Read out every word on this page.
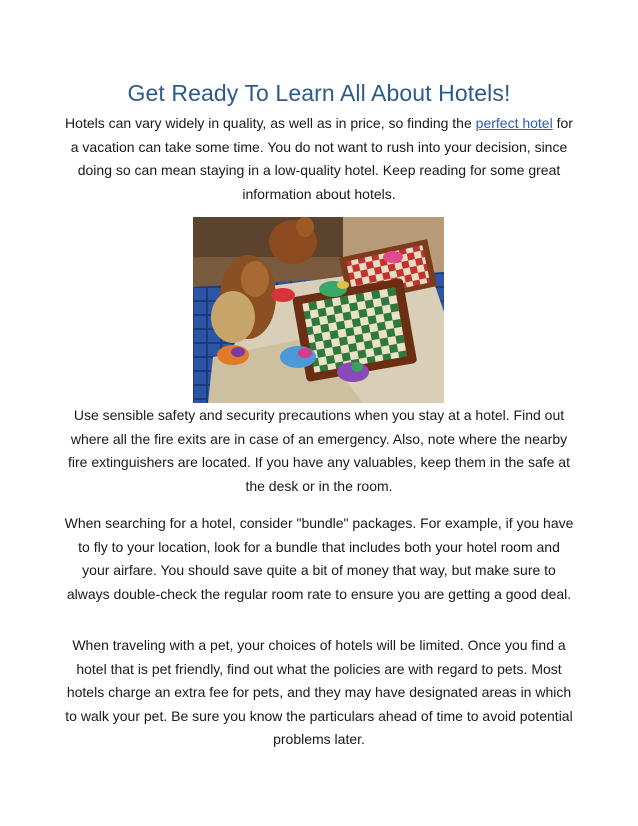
Get Ready To Learn All About Hotels!

Hotels can vary widely in quality, as well as in price, so finding the perfect hotel for a vacation can take some time. You do not want to rush into your decision, since doing so can mean staying in a low-quality hotel. Keep reading for some great information about hotels.

Use sensible safety and security precautions when you stay at a hotel. Find out where all the fire exits are in case of an emergency. Also, note where the nearby fire extinguishers are located. If you have any valuables, keep them in the safe at the desk or in the room.

When searching for a hotel, consider "bundle" packages. For example, if you have to fly to your location, look for a bundle that includes both your hotel room and your airfare. You should save quite a bit of money that way, but make sure to always double-check the regular room rate to ensure you are getting a good deal.

When traveling with a pet, your choices of hotels will be limited. Once you find a hotel that is pet friendly, find out what the policies are with regard to pets. Most hotels charge an extra fee for pets, and they may have designated areas in which to walk your pet. Be sure you know the particulars ahead of time to avoid potential problems later.
